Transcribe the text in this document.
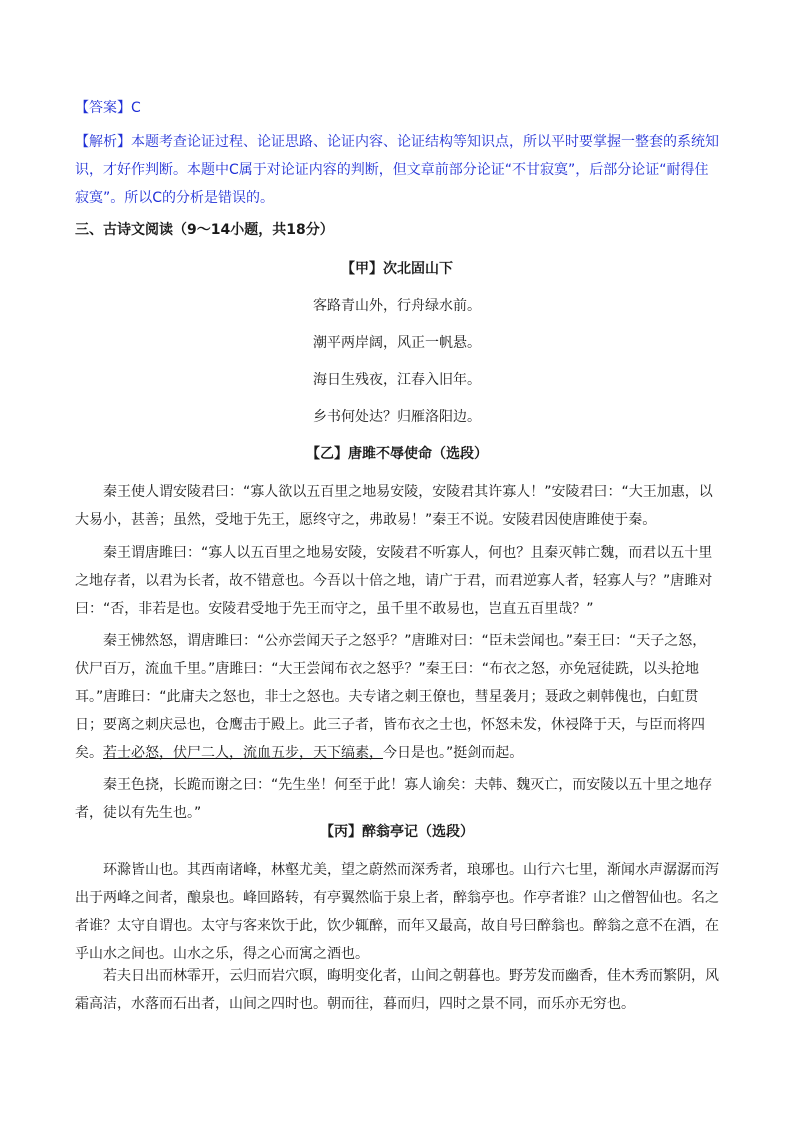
【答案】C

【解析】本题考查论证过程、论证思路、论证内容、论证结构等知识点，所以平时要掌握一整套的系统知识，才好作判断。本题中C属于对论证内容的判断，但文章前部分论证“不甘寂寞”，后部分论证“耐得住寂寞”。所以C的分析是错误的。

三、古诗文阅读（9～14小题，共18分）

【甲】次北固山下

客路青山外，行舟绿水前。

潮平两岸阔，风正一帆悬。

海日生残夜，江春入旧年。

乡书何处达？归雁洛阳边。

【乙】唐雎不辱使命（选段）

秦王使人谓安陵君曰：“寡人欲以五百里之地易安陵，安陵君其许寡人！”安陵君曰：“大王加惠，以大易小，甚善；虽然，受地于先王，愿终守之，弗敢易！”秦王不说。安陵君因使唐雎使于秦。

秦王谓唐雎曰：“寡人以五百里之地易安陵，安陵君不听寡人，何也？且秦灭韩亡魏，而君以五十里之地存者，以君为长者，故不错意也。今吾以十倍之地，请广于君，而君逆寡人者，轻寡人与？”唐雎对曰：“否，非若是也。安陵君受地于先王而守之，虽千里不敢易也，岂直五百里哉？”

秦王怫然怒，谓唐雎曰：“公亦尝闻天子之怒乎？”唐雎对曰：“臣未尝闻也。”秦王曰：“天子之怒，伏尸百万，流血千里。”唐雎曰：“大王尝闻布衣之怒乎？”秦王曰：“布衣之怒，亦免冠徒跣，以头抢地耳。”唐雎曰：“此庸夫之怒也，非士之怒也。夫专诸之刺王僚也，彗星袭月；聂政之刺韩傀也，白虹贯日；要离之刺庆忌也，仓鹰击于殿上。此三子者，皆布衣之士也，怀怒未发，休祲降于天，与臣而将四矣。若士必怒，伏尸二人，流血五步，天下缟素，今日是也。”挺剑而起。

秦王色挠，长跪而谢之曰：“先生坐！何至于此！寡人谕矣：夫韩、魏灭亡，而安陵以五十里之地存者，徒以有先生也。”

【丙】醉翁亭记（选段）

环滁皆山也。其西南诸峰，林壑尤美，望之蔚然而深秀者，琅琊也。山行六七里，渐闻水声潺潺而泻出于两峰之间者，酿泉也。峰回路转，有亭翼然临于泉上者，醉翁亭也。作亭者谁？山之僧智仙也。名之者谁？太守自谓也。太守与客来饮于此，饮少辄醉，而年又最高，故自号曰醉翁也。醉翁之意不在酒，在乎山水之间也。山水之乐，得之心而寓之酒也。

若夫日出而林霏开，云归而岩穴暝，晦明变化者，山间之朝暮也。野芳发而幽香，佳木秀而繁阴，风霜高洁，水落而石出者，山间之四时也。朝而往，暮而归，四时之景不同，而乐亦无穷也。
